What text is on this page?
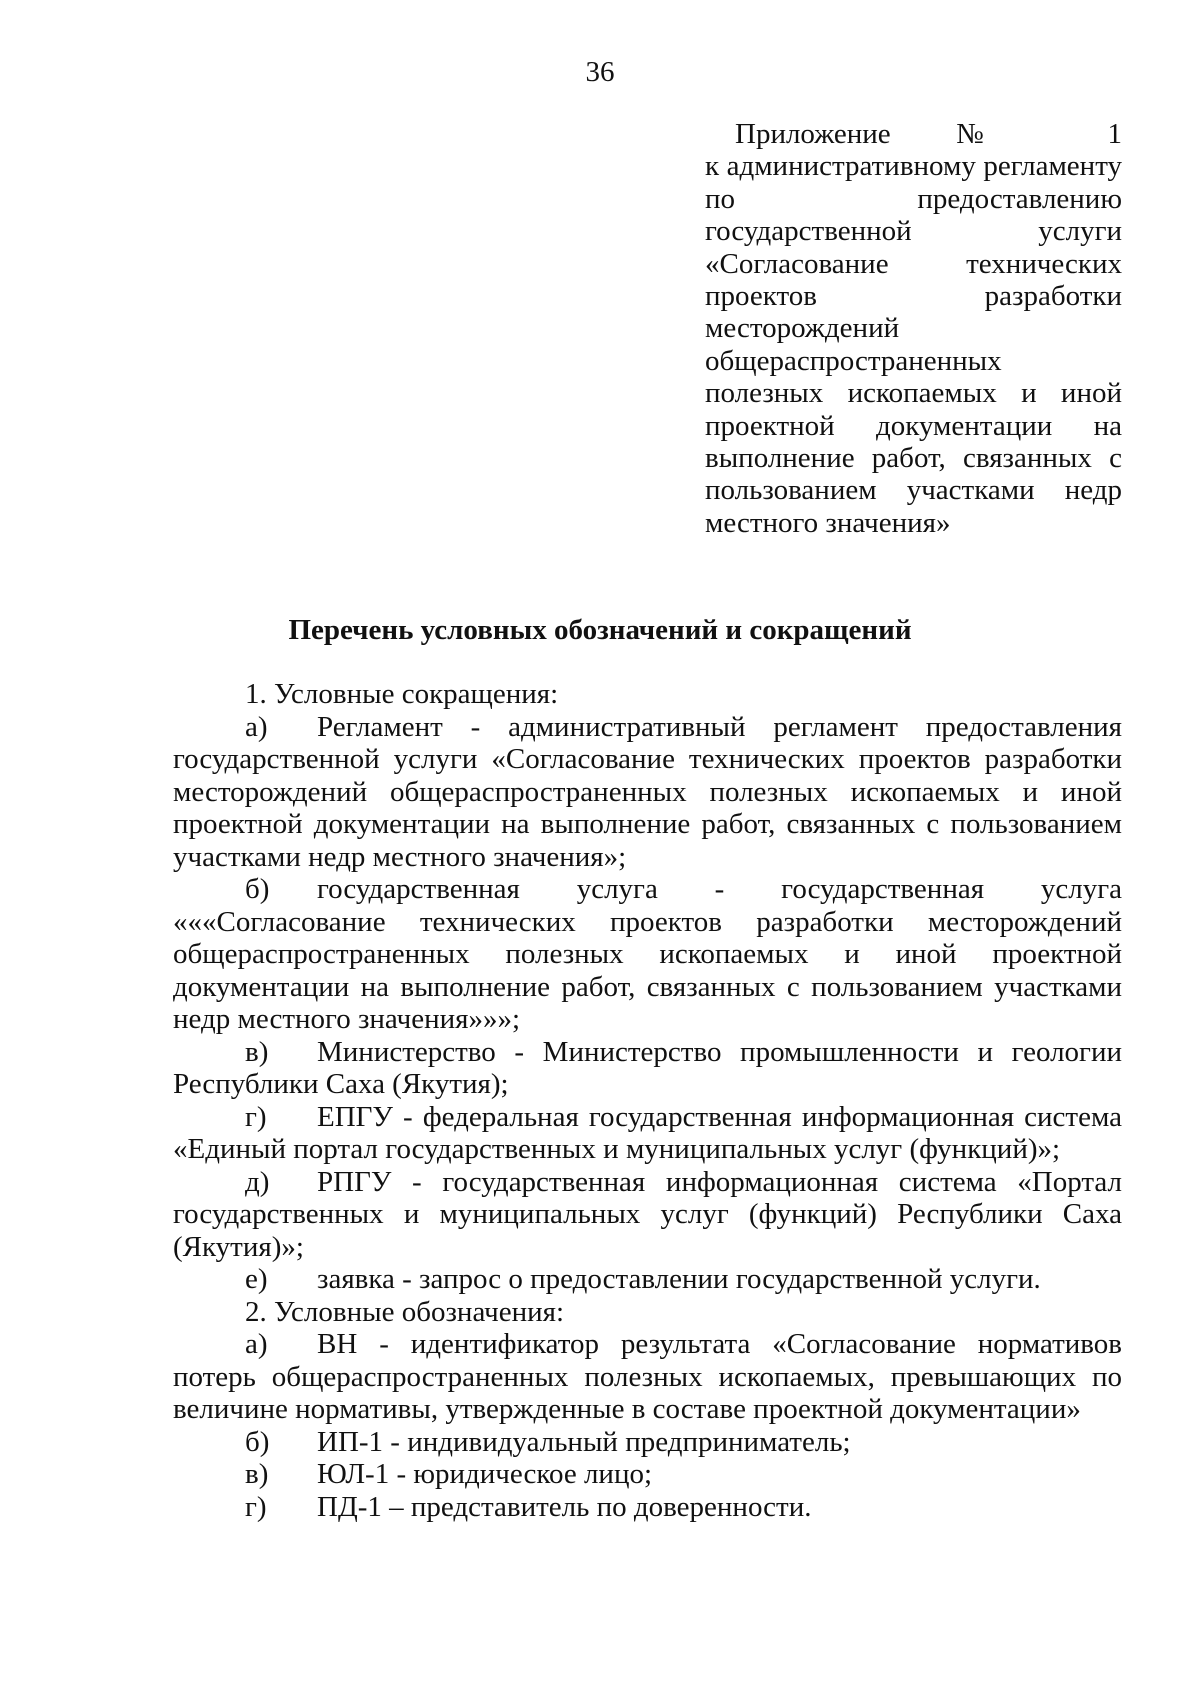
36
Приложение № 1
к административному регламенту по предоставлению государственной услуги «Согласование технических проектов разработки месторождений общераспространенных полезных ископаемых и иной проектной документации на выполнение работ, связанных с пользованием участками недр местного значения»
Перечень условных обозначений и сокращений
1. Условные сокращения:

а) Регламент - административный регламент предоставления государственной услуги «Согласование технических проектов разработки месторождений общераспространенных полезных ископаемых и иной проектной документации на выполнение работ, связанных с пользованием участками недр местного значения»;

б) государственная услуга - государственная услуга «««Согласование технических проектов разработки месторождений общераспространенных полезных ископаемых и иной проектной документации на выполнение работ, связанных с пользованием участками недр местного значения»»»;

в) Министерство - Министерство промышленности и геологии Республики Саха (Якутия);

г) ЕПГУ - федеральная государственная информационная система «Единый портал государственных и муниципальных услуг (функций)»;

д) РПГУ - государственная информационная система «Портал государственных и муниципальных услуг (функций) Республики Саха (Якутия)»;

е) заявка - запрос о предоставлении государственной услуги.

2. Условные обозначения:

а) ВН - идентификатор результата «Согласование нормативов потерь общераспространенных полезных ископаемых, превышающих по величине нормативы, утвержденные в составе проектной документации»

б) ИП-1 - индивидуальный предприниматель;

в) ЮЛ-1 - юридическое лицо;

г) ПД-1 – представитель по доверенности.
